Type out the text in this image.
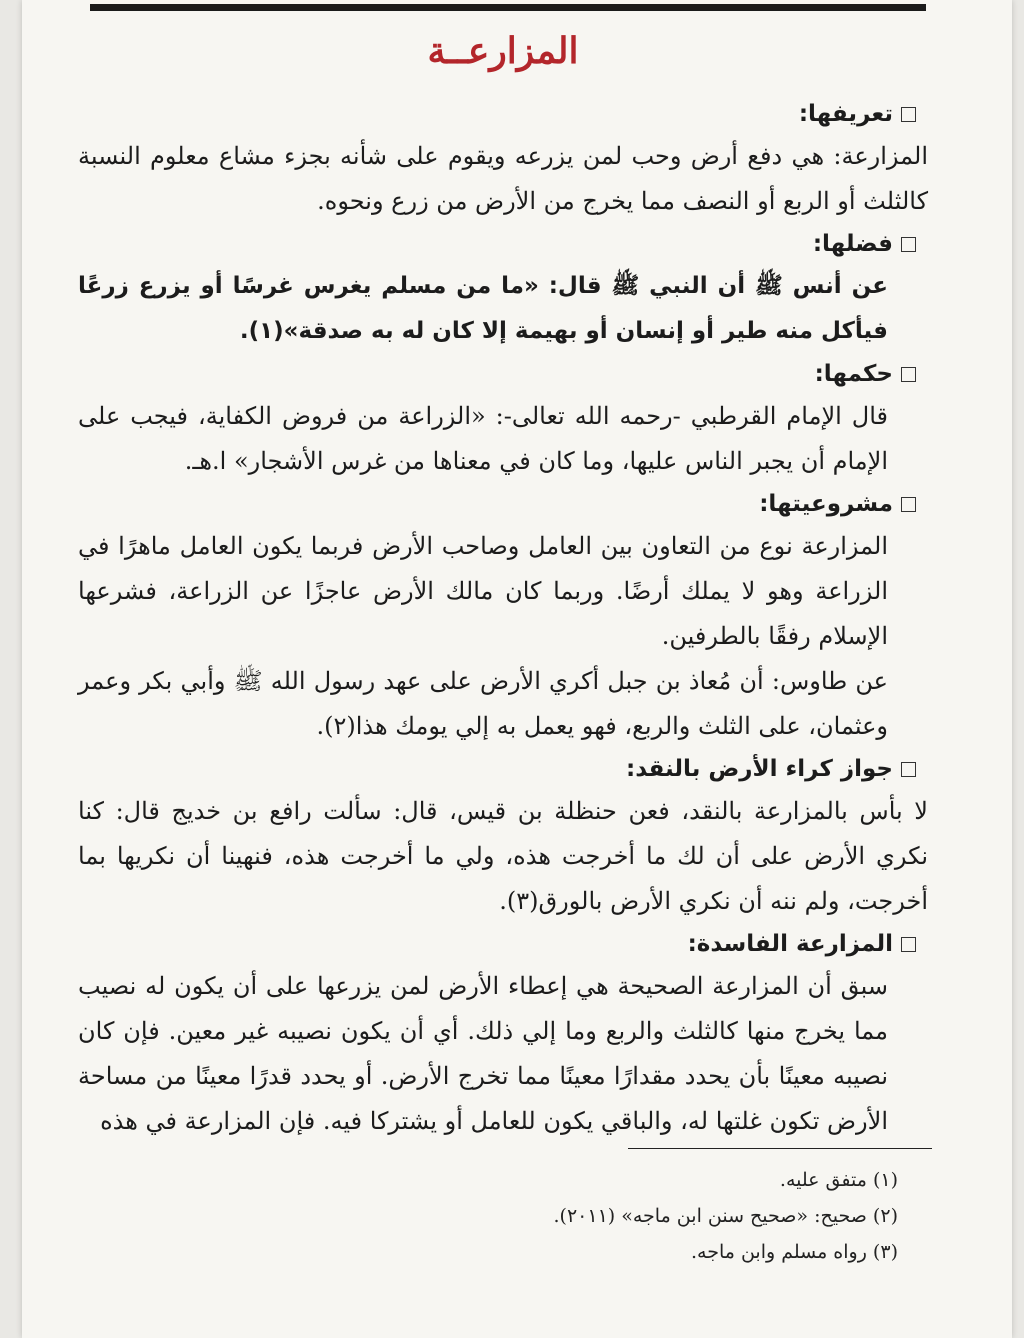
المزارعــة
تعريفها:

المزارعة: هي دفع أرض وحب لمن يزرعه ويقوم على شأنه بجزء مشاع معلوم النسبة كالثلث أو الربع أو النصف مما يخرج من الأرض من زرع ونحوه.

فضلها:

عن أنس ﷺ أن النبي ﷺ قال: «ما من مسلم يغرس غرسًا أو يزرع زرعًا فيأكل منه طير أو إنسان أو بهيمة إلا كان له به صدقة»(١).

حكمها:

قال الإمام القرطبي -رحمه الله تعالى-: «الزراعة من فروض الكفاية، فيجب على الإمام أن يجبر الناس عليها، وما كان في معناها من غرس الأشجار» ا.هـ.

مشروعيتها:

المزارعة نوع من التعاون بين العامل وصاحب الأرض فربما يكون العامل ماهرًا في الزراعة وهو لا يملك أرضًا. وربما كان مالك الأرض عاجزًا عن الزراعة، فشرعها الإسلام رفقًا بالطرفين.

عن طاوس: أن مُعاذ بن جبل أكري الأرض على عهد رسول الله ﷺ وأبي بكر وعمر وعثمان، على الثلث والربع، فهو يعمل به إلي يومك هذا(٢).

جواز كراء الأرض بالنقد:

لا بأس بالمزارعة بالنقد، فعن حنظلة بن قيس، قال: سألت رافع بن خديج قال: كنا نكري الأرض على أن لك ما أخرجت هذه، ولي ما أخرجت هذه، فنهينا أن نكريها بما أخرجت، ولم ننه أن نكري الأرض بالورق(٣).

المزارعة الفاسدة:

سبق أن المزارعة الصحيحة هي إعطاء الأرض لمن يزرعها على أن يكون له نصيب مما يخرج منها كالثلث والربع وما إلي ذلك. أي أن يكون نصيبه غير معين. فإن كان نصيبه معينًا بأن يحدد مقدارًا معينًا مما تخرج الأرض. أو يحدد قدرًا معينًا من مساحة الأرض تكون غلتها له، والباقي يكون للعامل أو يشتركا فيه. فإن المزارعة في هذه

(١) متفق عليه.
(٢) صحيح: «صحيح سنن ابن ماجه» (٢٠١١).
(٣) رواه مسلم وابن ماجه.
